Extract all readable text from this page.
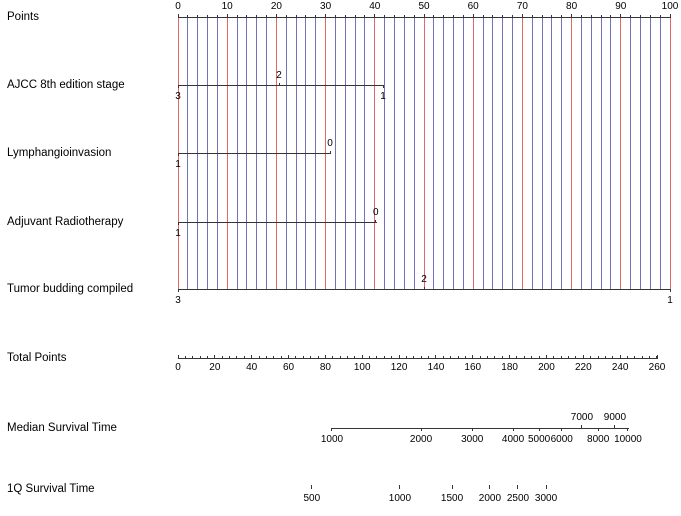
Points
AJCC 8th edition stage
Lymphangioinvasion
Adjuvant Radiotherapy
Tumor budding compiled
Total Points
Median Survival Time
1Q Survival Time
0	10	20	30	40	50	60	70	80	90	100
3
2
1
1
0
1
0
3
2
1
0	20	40	60	80 100 120 140 160 180 200 220 240 260
1000	2000	3000 4000 5000 6000
7000
8000
9000
10000
500	1000	1500 2000 2500 3000
